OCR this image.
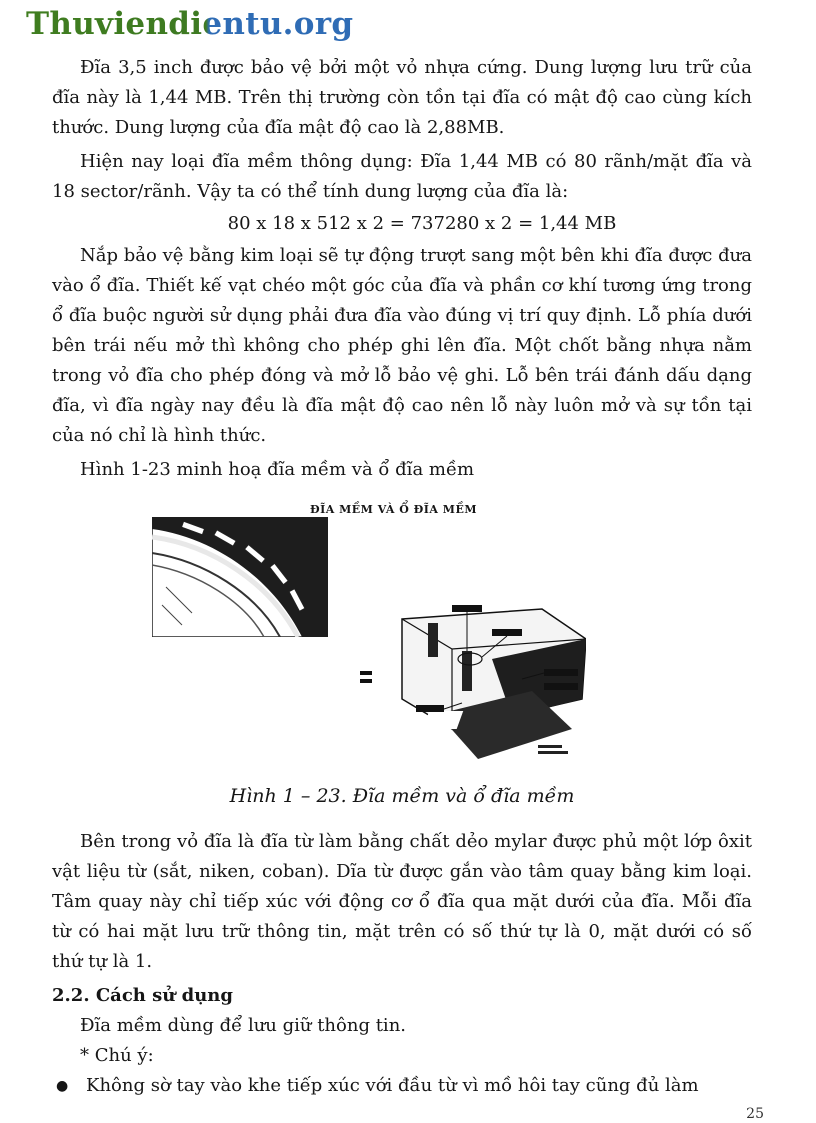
Thuviendientu.org

Đĩa 3,5 inch được bảo vệ bởi một vỏ nhựa cứng. Dung lượng lưu trữ của đĩa này là 1,44 MB. Trên thị trường còn tồn tại đĩa có mật độ cao cùng kích thước. Dung lượng của đĩa mật độ cao là 2,88MB.

Hiện nay loại đĩa mềm thông dụng: Đĩa 1,44 MB có 80 rãnh/mặt đĩa và 18 sector/rãnh. Vậy ta có thể tính dung lượng của đĩa là:

80 x 18 x 512 x 2 = 737280 x 2 = 1,44 MB

Nắp bảo vệ bằng kim loại sẽ tự động trượt sang một bên khi đĩa được đưa vào ổ đĩa. Thiết kế vạt chéo một góc của đĩa và phần cơ khí tương ứng trong ổ đĩa buộc người sử dụng phải đưa đĩa vào đúng vị trí quy định. Lỗ phía dưới bên trái nếu mở thì không cho phép ghi lên đĩa. Một chốt bằng nhựa nằm trong vỏ đĩa cho phép đóng và mở lỗ bảo vệ ghi. Lỗ bên trái đánh dấu dạng đĩa, vì đĩa ngày nay đều là đĩa mật độ cao nên lỗ này luôn mở và sự tồn tại của nó chỉ là hình thức.

Hình 1-23 minh hoạ đĩa mềm và ổ đĩa mềm

ĐĨA MỀM VÀ Ổ ĐĨA MỀM
Hình 1 – 23. Đĩa mềm và ổ đĩa mềm

Bên trong vỏ đĩa là đĩa từ làm bằng chất dẻo mylar được phủ một lớp ôxit vật liệu từ (sắt, niken, coban). Dĩa từ được gắn vào tâm quay bằng kim loại. Tâm quay này chỉ tiếp xúc với động cơ ổ đĩa qua mặt dưới của đĩa. Mỗi đĩa từ có hai mặt lưu trữ thông tin, mặt trên có số thứ tự là 0, mặt dưới có số thứ tự là 1.

2.2. Cách sử dụng

Đĩa mềm dùng để lưu giữ thông tin.

* Chú ý:

● Không sờ tay vào khe tiếp xúc với đầu từ vì mồ hôi tay cũng đủ làm
25
